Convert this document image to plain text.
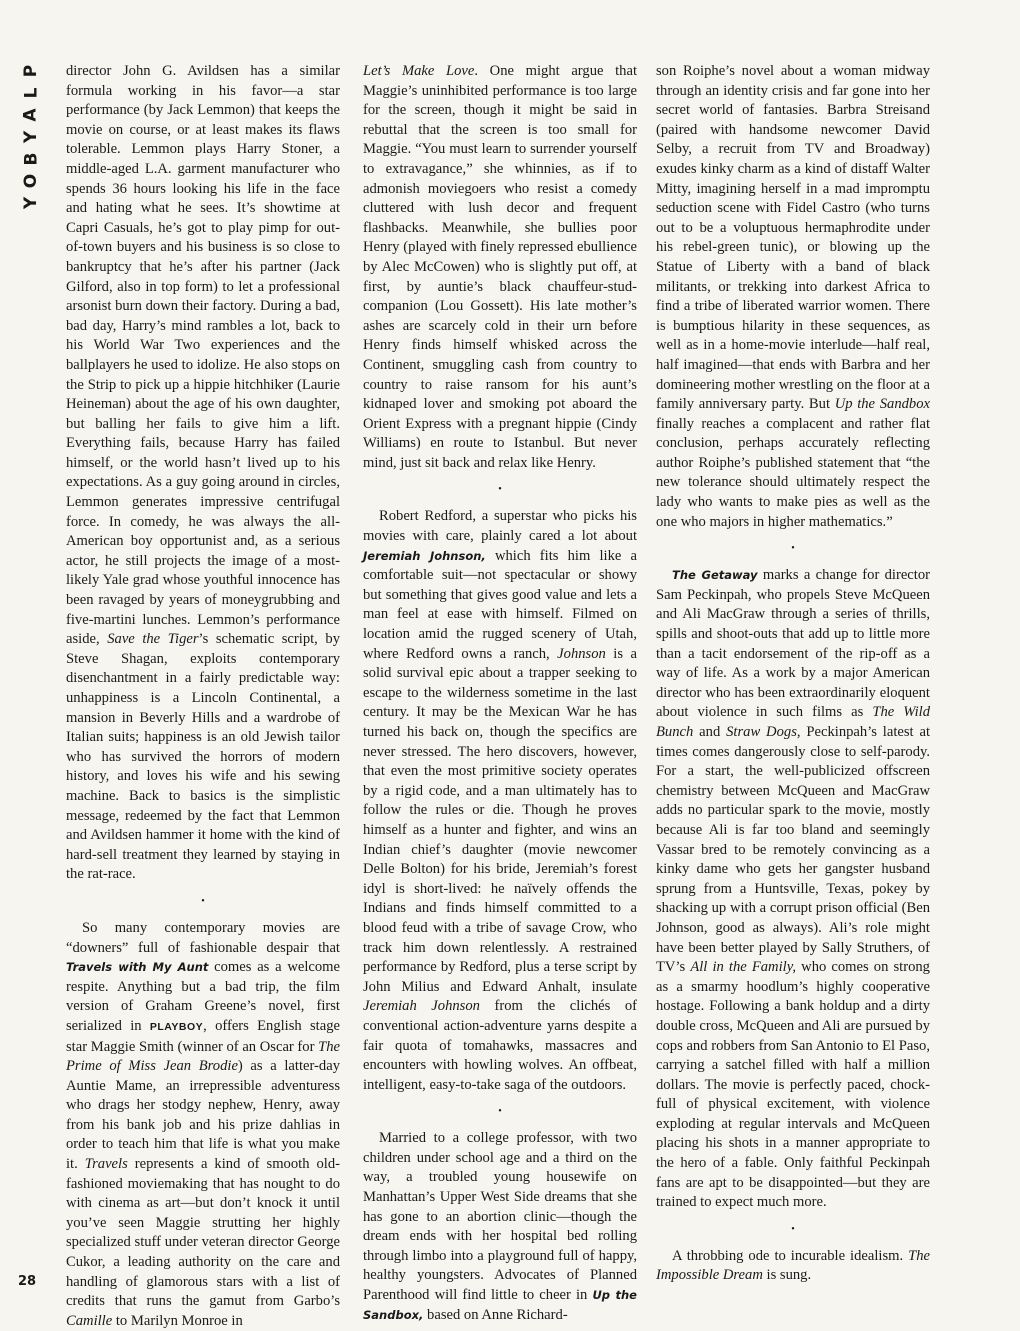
P
L
A
Y
B
O
Y
28

director John G. Avildsen has a similar formula working in his favor—a star performance (by Jack Lemmon) that keeps the movie on course, or at least makes its flaws tolerable. Lemmon plays Harry Stoner, a middle-aged L.A. garment manufacturer who spends 36 hours looking his life in the face and hating what he sees. It’s showtime at Capri Casuals, he’s got to play pimp for out-of-town buyers and his business is so close to bankruptcy that he’s after his partner (Jack Gilford, also in top form) to let a professional arsonist burn down their factory. During a bad, bad day, Harry’s mind rambles a lot, back to his World War Two experiences and the ballplayers he used to idolize. He also stops on the Strip to pick up a hippie hitchhiker (Laurie Heineman) about the age of his own daughter, but balling her fails to give him a lift. Everything fails, because Harry has failed himself, or the world hasn’t lived up to his expectations. As a guy going around in circles, Lemmon generates impressive centrifugal force. In comedy, he was always the all-American boy opportunist and, as a serious actor, he still projects the image of a most-likely Yale grad whose youthful innocence has been ravaged by years of moneygrubbing and five-martini lunches. Lemmon’s performance aside, Save the Tiger’s schematic script, by Steve Shagan, exploits contemporary disenchantment in a fairly predictable way: unhappiness is a Lincoln Continental, a mansion in Beverly Hills and a wardrobe of Italian suits; happiness is an old Jewish tailor who has survived the horrors of modern history, and loves his wife and his sewing machine. Back to basics is the simplistic message, redeemed by the fact that Lemmon and Avildsen hammer it home with the kind of hard-sell treatment they learned by staying in the rat-race.

•

So many contemporary movies are “downers” full of fashionable despair that Travels with My Aunt comes as a welcome respite. Anything but a bad trip, the film version of Graham Greene’s novel, first serialized in PLAYBOY, offers English stage star Maggie Smith (winner of an Oscar for The Prime of Miss Jean Brodie) as a latter-day Auntie Mame, an irrepressible adventuress who drags her stodgy nephew, Henry, away from his bank job and his prize dahlias in order to teach him that life is what you make it. Travels represents a kind of smooth old-fashioned moviemaking that has nought to do with cinema as art—but don’t knock it until you’ve seen Maggie strutting her highly specialized stuff under veteran director George Cukor, a leading authority on the care and handling of glamorous stars with a list of credits that runs the gamut from Garbo’s Camille to Marilyn Monroe in

Let’s Make Love. One might argue that Maggie’s uninhibited performance is too large for the screen, though it might be said in rebuttal that the screen is too small for Maggie. “You must learn to surrender yourself to extravagance,” she whinnies, as if to admonish moviegoers who resist a comedy cluttered with lush decor and frequent flashbacks. Meanwhile, she bullies poor Henry (played with finely repressed ebullience by Alec McCowen) who is slightly put off, at first, by auntie’s black chauffeur-stud-companion (Lou Gossett). His late mother’s ashes are scarcely cold in their urn before Henry finds himself whisked across the Continent, smuggling cash from country to country to raise ransom for his aunt’s kidnaped lover and smoking pot aboard the Orient Express with a pregnant hippie (Cindy Williams) en route to Istanbul. But never mind, just sit back and relax like Henry.

•

Robert Redford, a superstar who picks his movies with care, plainly cared a lot about Jeremiah Johnson, which fits him like a comfortable suit—not spectacular or showy but something that gives good value and lets a man feel at ease with himself. Filmed on location amid the rugged scenery of Utah, where Redford owns a ranch, Johnson is a solid survival epic about a trapper seeking to escape to the wilderness sometime in the last century. It may be the Mexican War he has turned his back on, though the specifics are never stressed. The hero discovers, however, that even the most primitive society operates by a rigid code, and a man ultimately has to follow the rules or die. Though he proves himself as a hunter and fighter, and wins an Indian chief’s daughter (movie newcomer Delle Bolton) for his bride, Jeremiah’s forest idyl is short-lived: he naïvely offends the Indians and finds himself committed to a blood feud with a tribe of savage Crow, who track him down relentlessly. A restrained performance by Redford, plus a terse script by John Milius and Edward Anhalt, insulate Jeremiah Johnson from the clichés of conventional action-adventure yarns despite a fair quota of tomahawks, massacres and encounters with howling wolves. An offbeat, intelligent, easy-to-take saga of the outdoors.

•

Married to a college professor, with two children under school age and a third on the way, a troubled young housewife on Manhattan’s Upper West Side dreams that she has gone to an abortion clinic—though the dream ends with her hospital bed rolling through limbo into a playground full of happy, healthy youngsters. Advocates of Planned Parenthood will find little to cheer in Up the Sandbox, based on Anne Richard-

son Roiphe’s novel about a woman midway through an identity crisis and far gone into her secret world of fantasies. Barbra Streisand (paired with handsome newcomer David Selby, a recruit from TV and Broadway) exudes kinky charm as a kind of distaff Walter Mitty, imagining herself in a mad impromptu seduction scene with Fidel Castro (who turns out to be a voluptuous hermaphrodite under his rebel-green tunic), or blowing up the Statue of Liberty with a band of black militants, or trekking into darkest Africa to find a tribe of liberated warrior women. There is bumptious hilarity in these sequences, as well as in a home-movie interlude—half real, half imagined—that ends with Barbra and her domineering mother wrestling on the floor at a family anniversary party. But Up the Sandbox finally reaches a complacent and rather flat conclusion, perhaps accurately reflecting author Roiphe’s published statement that “the new tolerance should ultimately respect the lady who wants to make pies as well as the one who majors in higher mathematics.”

•

The Getaway marks a change for director Sam Peckinpah, who propels Steve McQueen and Ali MacGraw through a series of thrills, spills and shoot-outs that add up to little more than a tacit endorsement of the rip-off as a way of life. As a work by a major American director who has been extraordinarily eloquent about violence in such films as The Wild Bunch and Straw Dogs, Peckinpah’s latest at times comes dangerously close to self-parody. For a start, the well-publicized offscreen chemistry between McQueen and MacGraw adds no particular spark to the movie, mostly because Ali is far too bland and seemingly Vassar bred to be remotely convincing as a kinky dame who gets her gangster husband sprung from a Huntsville, Texas, pokey by shacking up with a corrupt prison official (Ben Johnson, good as always). Ali’s role might have been better played by Sally Struthers, of TV’s All in the Family, who comes on strong as a smarmy hoodlum’s highly cooperative hostage. Following a bank holdup and a dirty double cross, McQueen and Ali are pursued by cops and robbers from San Antonio to El Paso, carrying a satchel filled with half a million dollars. The movie is perfectly paced, chock-full of physical excitement, with violence exploding at regular intervals and McQueen placing his shots in a manner appropriate to the hero of a fable. Only faithful Peckinpah fans are apt to be disappointed—but they are trained to expect much more.

•

A throbbing ode to incurable idealism. The Impossible Dream is sung.
